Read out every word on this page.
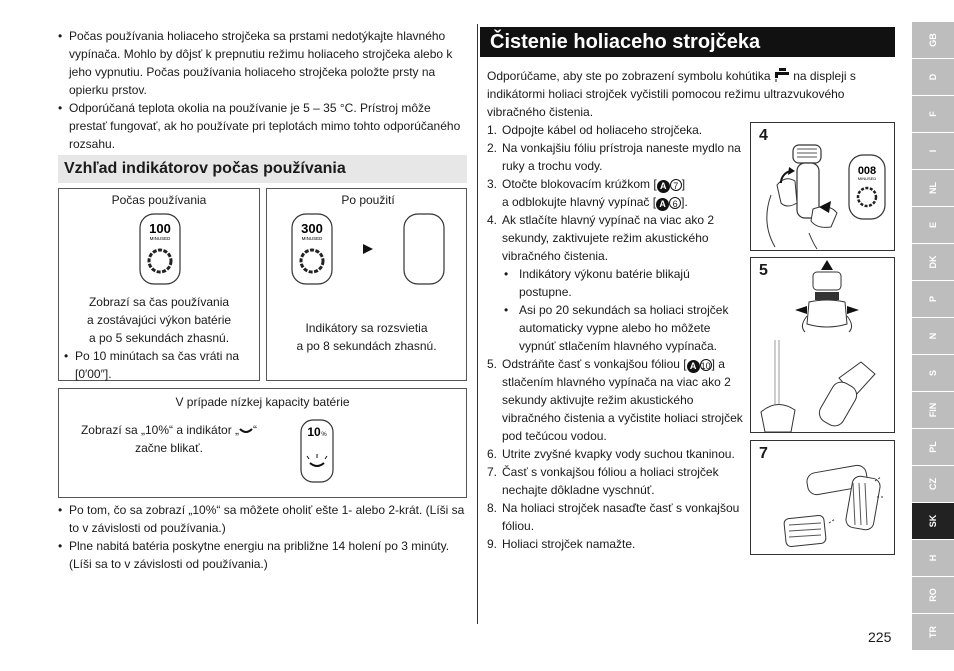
• Počas používania holiaceho strojčeka sa prstami nedotýkajte hlavného vypínača. Mohlo by dôjsť k prepnutiu režimu holiaceho strojčeka alebo k jeho vypnutiu. Počas používania holiaceho strojčeka položte prsty na opierku prstov.
• Odporúčaná teplota okolia na používanie je 5 – 35 °C. Prístroj môže prestať fungovať, ak ho používate pri teplotách mimo tohto odporúčaného rozsahu.
Vzhľad indikátorov počas používania
Počas používania
100
MINUSED
Zobrazí sa čas používania
a zostávajúci výkon batérie
a po 5 sekundách zhasnú.
• Po 10 minútach sa čas vráti na [0′00″].
Po použití
300
MINUSED
Indikátory sa rozsvietia
a po 8 sekundách zhasnú.
V prípade nízkej kapacity batérie
Zobrazí sa „10%“ a indikátor „ “
začne blikať.
10 %
• Po tom, čo sa zobrazí „10%“ sa môžete oholiť ešte 1- alebo 2-krát. (Líši sa to v závislosti od používania.)
• Plne nabitá batéria poskytne energiu na približne 14 holení po 3 minúty. (Líši sa to v závislosti od používania.)
Čistenie holiaceho strojčeka
Odporúčame, aby ste po zobrazení symbolu kohútika na displeji s indikátormi holiaci strojček vyčistili pomocou režimu ultrazvukového vibračného čistenia.
1. Odpojte kábel od holiaceho strojčeka.
2. Na vonkajšiu fóliu prístroja naneste mydlo na ruky a trochu vody.
3. Otočte blokovacím krúžkom [ A 7 ]
a odblokujte hlavný vypínač [ A 6 ].
4. Ak stlačíte hlavný vypínač na viac ako 2 sekundy, zaktivujete režim akustického vibračného čistenia.
• Indikátory výkonu batérie blikajú postupne.
• Asi po 20 sekundách sa holiaci strojček automaticky vypne alebo ho môžete vypnúť stlačením hlavného vypínača.
5. Odstráňte časť s vonkajšou fóliou [ A 10] a stlačením hlavného vypínača na viac ako 2 sekundy aktivujte režim akustického vibračného čistenia a vyčistite holiaci strojček pod tečúcou vodou.
6. Utrite zvyšné kvapky vody suchou tkaninou.
7. Časť s vonkajšou fóliou a holiaci strojček nechajte dôkladne vyschnúť.
8. Na holiaci strojček nasaďte časť s vonkajšou fóliou.
9. Holiaci strojček namažte.
4
008
MINUSED
5
7
GB
D
F
I
NL
E
DK
P
N
S
FIN
PL
CZ
SK
H
RO
TR
225
